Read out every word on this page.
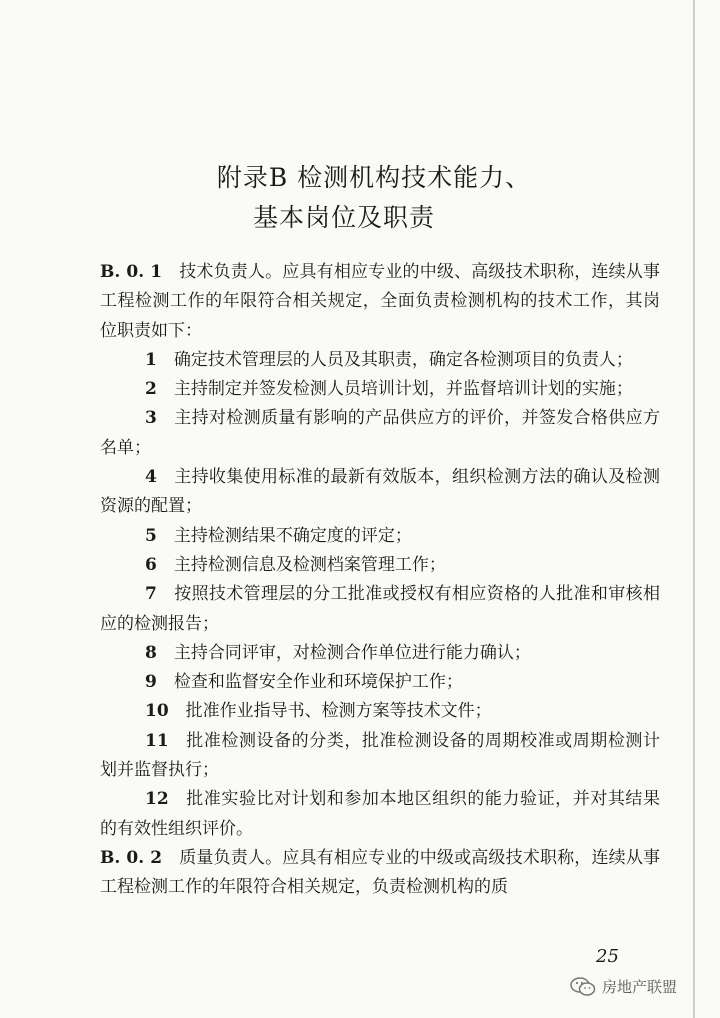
附录B 检测机构技术能力、
基本岗位及职责

B. 0. 1   技术负责人。应具有相应专业的中级、高级技术职称，连续从事工程检测工作的年限符合相关规定，全面负责检测机构的技术工作，其岗位职责如下：

1   确定技术管理层的人员及其职责，确定各检测项目的负责人；

2   主持制定并签发检测人员培训计划，并监督培训计划的实施；

3   主持对检测质量有影响的产品供应方的评价，并签发合格供应方名单；

4   主持收集使用标准的最新有效版本，组织检测方法的确认及检测资源的配置；

5   主持检测结果不确定度的评定；

6   主持检测信息及检测档案管理工作；

7   按照技术管理层的分工批准或授权有相应资格的人批准和审核相应的检测报告；

8   主持合同评审，对检测合作单位进行能力确认；

9   检查和监督安全作业和环境保护工作；

10   批准作业指导书、检测方案等技术文件；

11   批准检测设备的分类，批准检测设备的周期校准或周期检测计划并监督执行；

12   批准实验比对计划和参加本地区组织的能力验证，并对其结果的有效性组织评价。

B. 0. 2   质量负责人。应具有相应专业的中级或高级技术职称，连续从事工程检测工作的年限符合相关规定，负责检测机构的质

25
房地产联盟
